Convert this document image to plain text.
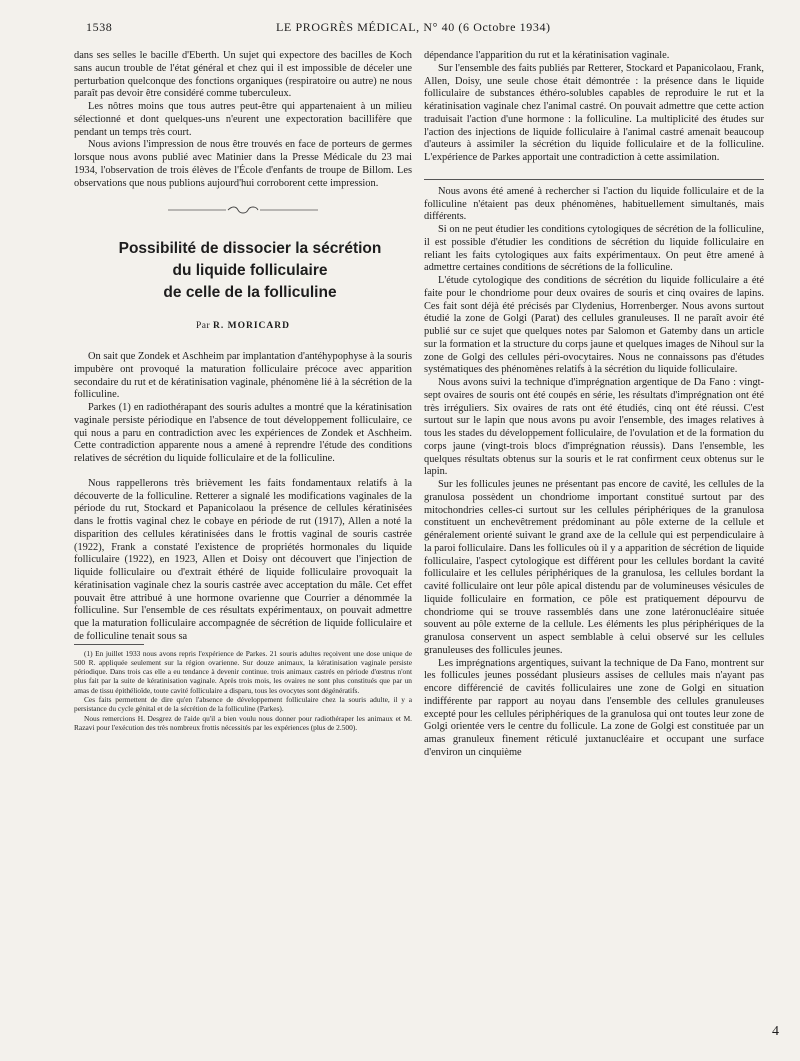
1538	LE PROGRÈS MÉDICAL, N° 40 (6 Octobre 1934)

dans ses selles le bacille d'Eberth. Un sujet qui expectore des bacilles de Koch sans aucun trouble de l'état général et chez qui il est impossible de déceler une perturbation quelconque des fonctions organiques (respiratoire ou autre) ne nous paraît pas devoir être considéré comme tuberculeux.

Les nôtres moins que tous autres peut-être qui appartenaient à un milieu sélectionné et dont quelques-uns n'eurent une expectoration bacillifère que pendant un temps très court.

Nous avions l'impression de nous être trouvés en face de porteurs de germes lorsque nous avons publié avec Matinier dans la Presse Médicale du 23 mai 1934, l'observation de trois élèves de l'École d'enfants de troupe de Billom. Les observations que nous publions aujourd'hui corroborent cette impression.

Possibilité de dissocier la sécrétion

du liquide folliculaire

de celle de la folliculine

Par R. MORICARD

On sait que Zondek et Aschheim par implantation d'antéhypophyse à la souris impubère ont provoqué la maturation folliculaire précoce avec apparition secondaire du rut et de kératinisation vaginale, phénomène lié à la sécrétion de la folliculine.

Parkes (1) en radiothérapant des souris adultes a montré que la kératinisation vaginale persiste périodique en l'absence de tout développement folliculaire, ce qui nous a paru en contradiction avec les expériences de Zondek et Aschheim. Cette contradiction apparente nous a amené à reprendre l'étude des conditions relatives de sécrétion du liquide folliculaire et de la folliculine.

Nous rappellerons très brièvement les faits fondamentaux relatifs à la découverte de la folliculine. Retterer a signalé les modifications vaginales de la période du rut, Stockard et Papanicolaou la présence de cellules kératinisées dans le frottis vaginal chez le cobaye en période de rut (1917), Allen a noté la disparition des cellules kératinisées dans le frottis vaginal de souris castrée (1922), Frank a constaté l'existence de propriétés hormonales du liquide folliculaire (1922), en 1923, Allen et Doisy ont découvert que l'injection de liquide folliculaire ou d'extrait éthéré de liquide folliculaire provoquait la kératinisation vaginale chez la souris castrée avec acceptation du mâle. Cet effet pouvait être attribué à une hormone ovarienne que Courrier a dénommée la folliculine. Sur l'ensemble de ces résultats expérimentaux, on pouvait admettre que la maturation folliculaire accompagnée de sécrétion de liquide folliculaire et de folliculine tenait sous sa

(1) En juillet 1933 nous avons repris l'expérience de Parkes. 21 souris adultes reçoivent une dose unique de 500 R. appliquée seulement sur la région ovarienne. Sur douze animaux, la kératinisation vaginale persiste périodique. Dans trois cas elle a eu tendance à devenir continue. trois animaux castrés en période d'œstrus n'ont plus fait par la suite de kératinisation vaginale. Après trois mois, les ovaires ne sont plus constitués que par un amas de tissu épithélioïde, toute cavité folliculaire a disparu, tous les ovocytes sont dégénératifs.

Ces faits permettent de dire qu'en l'absence de développement folliculaire chez la souris adulte, il y a persistance du cycle génital et de la sécrétion de la folliculine (Parkes).

Nous remercions H. Desgrez de l'aide qu'il a bien voulu nous donner pour radiothéraper les animaux et M. Razavi pour l'exécution des très nombreux frottis nécessités par les expériences (plus de 2.500).

dépendance l'apparition du rut et la kératinisation vaginale.

Sur l'ensemble des faits publiés par Retterer, Stockard et Papanicolaou, Frank, Allen, Doisy, une seule chose était démontrée : la présence dans le liquide folliculaire de substances éthéro-solubles capables de reproduire le rut et la kératinisation vaginale chez l'animal castré. On pouvait admettre que cette action traduisait l'action d'une hormone : la folliculine. La multiplicité des études sur l'action des injections de liquide folliculaire à l'animal castré amenait beaucoup d'auteurs à assimiler la sécrétion du liquide folliculaire et de la folliculine. L'expérience de Parkes apportait une contradiction à cette assimilation.

Nous avons été amené à rechercher si l'action du liquide folliculaire et de la folliculine n'étaient pas deux phénomènes, habituellement simultanés, mais différents.

Si on ne peut étudier les conditions cytologiques de sécrétion de la folliculine, il est possible d'étudier les conditions de sécrétion du liquide folliculaire en reliant les faits cytologiques aux faits expérimentaux. On peut être amené à admettre certaines conditions de sécrétions de la folliculine.

L'étude cytologique des conditions de sécrétion du liquide folliculaire a été faite pour le chondriome pour deux ovaires de souris et cinq ovaires de lapins. Ces fait sont déjà été précisés par Clydenius, Horrenberger. Nous avons surtout étudié la zone de Golgi (Parat) des cellules granuleuses. Il ne paraît avoir été publié sur ce sujet que quelques notes par Salomon et Gatemby dans un article sur la formation et la structure du corps jaune et quelques images de Nihoul sur la zone de Golgi des cellules péri-ovocytaires. Nous ne connaissons pas d'études systématiques des phénomènes relatifs à la sécrétion du liquide folliculaire.

Nous avons suivi la technique d'imprégnation argentique de Da Fano : vingt-sept ovaires de souris ont été coupés en série, les résultats d'imprégnation ont été très irréguliers. Six ovaires de rats ont été étudiés, cinq ont été réussi. C'est surtout sur le lapin que nous avons pu avoir l'ensemble, des images relatives à tous les stades du développement folliculaire, de l'ovulation et de la formation du corps jaune (vingt-trois blocs d'imprégnation réussis). Dans l'ensemble, les quelques résultats obtenus sur la souris et le rat confirment ceux obtenus sur le lapin.

Sur les follicules jeunes ne présentant pas encore de cavité, les cellules de la granulosa possèdent un chondriome important constitué surtout par des mitochondries celles-ci surtout sur les cellules périphériques de la granulosa constituent un enchevêtrement prédominant au pôle externe de la cellule et généralement orienté suivant le grand axe de la cellule qui est perpendiculaire à la paroi folliculaire. Dans les follicules où il y a apparition de sécrétion de liquide folliculaire, l'aspect cytologique est différent pour les cellules bordant la cavité folliculaire et les cellules périphériques de la granulosa, les cellules bordant la cavité folliculaire ont leur pôle apical distendu par de volumineuses vésicules de liquide folliculaire en formation, ce pôle est pratiquement dépourvu de chondriome qui se trouve rassemblés dans une zone latéronucléaire située souvent au pôle externe de la cellule. Les éléments les plus périphériques de la granulosa conservent un aspect semblable à celui observé sur les cellules granuleuses des follicules jeunes.

Les imprégnations argentiques, suivant la technique de Da Fano, montrent sur les follicules jeunes possédant plusieurs assises de cellules mais n'ayant pas encore différencié de cavités folliculaires une zone de Golgi en situation indifférente par rapport au noyau dans l'ensemble des cellules granuleuses excepté pour les cellules périphériques de la granulosa qui ont toutes leur zone de Golgi orientée vers le centre du follicule. La zone de Golgi est constituée par un amas granuleux finement réticulé juxtanucléaire et occupant une surface d'environ un cinquième

4
